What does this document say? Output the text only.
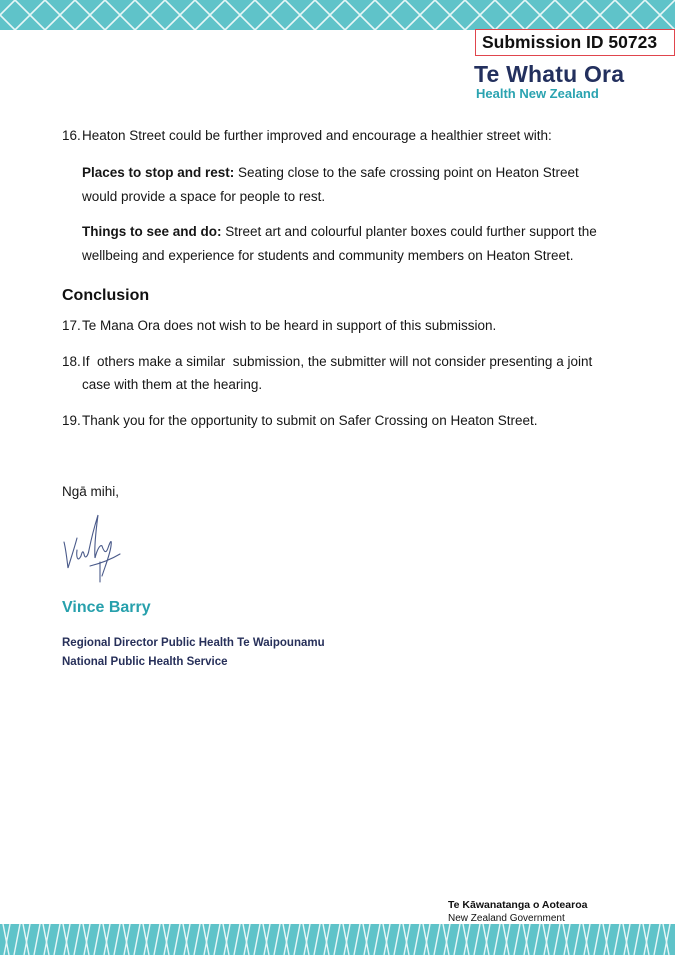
Submission ID 50723
Te Whatu Ora
Health New Zealand
16. Heaton Street could be further improved and encourage a healthier street with:
Places to stop and rest: Seating close to the safe crossing point on Heaton Street
would provide a space for people to rest.
Things to see and do: Street art and colourful planter boxes could further support the
wellbeing and experience for students and community members on Heaton Street.
Conclusion
17. Te Mana Ora does not wish to be heard in support of this submission.
18. If  others make a similar  submission, the submitter will not consider presenting a joint
case with them at the hearing.
19. Thank you for the opportunity to submit on Safer Crossing on Heaton Street.
Ngā mihi,
Vince Barry
Regional Director Public Health Te Waipounamu
National Public Health Service
Te Kāwanatanga o Aotearoa
New Zealand Government
